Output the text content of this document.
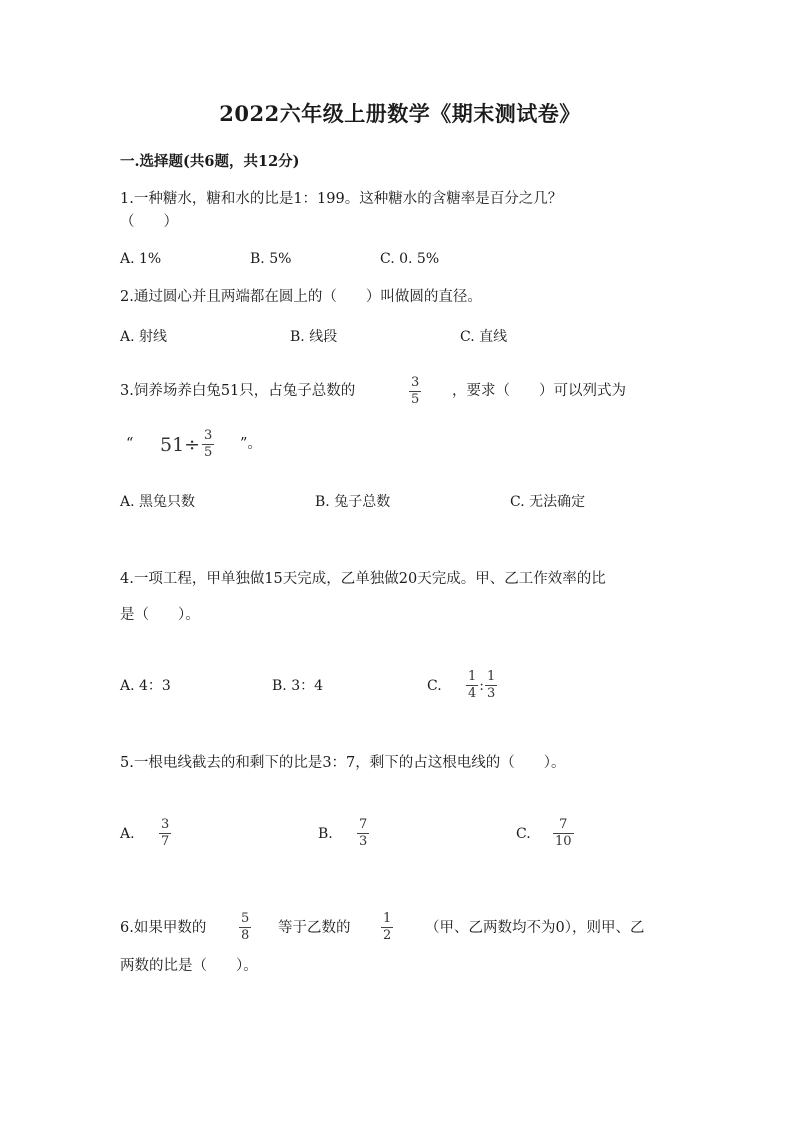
2022六年级上册数学《期末测试卷》
一.选择题(共6题，共12分)
1.一种糖水，糖和水的比是1：199。这种糖水的含糖率是百分之几？
（　　）
A. 1%	B. 5%	C. 0. 5%
2.通过圆心并且两端都在圆上的（　　）叫做圆的直径。
A. 射线	B. 线段	C. 直线
3.饲养场养白兔51只，占兔子总数的
3
5
，要求（　　）可以列式为
“ 51÷ 3
5
”。
A. 黑兔只数	B. 兔子总数	C. 无法确定
4.一项工程，甲单独做15天完成，乙单独做20天完成。甲、乙工作效率的比
是（　　）。
A. 4：3	B. 3：4	C. $\frac{1}{4}$ : $\frac{1}{3}$
5.一根电线截去的和剩下的比是3：7，剩下的占这根电线的（　　）。
A.
3
7	B.
7
3	C.
7
10
6.如果甲数的
5
8 等于乙数的
1
2 （甲、乙两数均不为0），则甲、乙
两数的比是（　　）。
